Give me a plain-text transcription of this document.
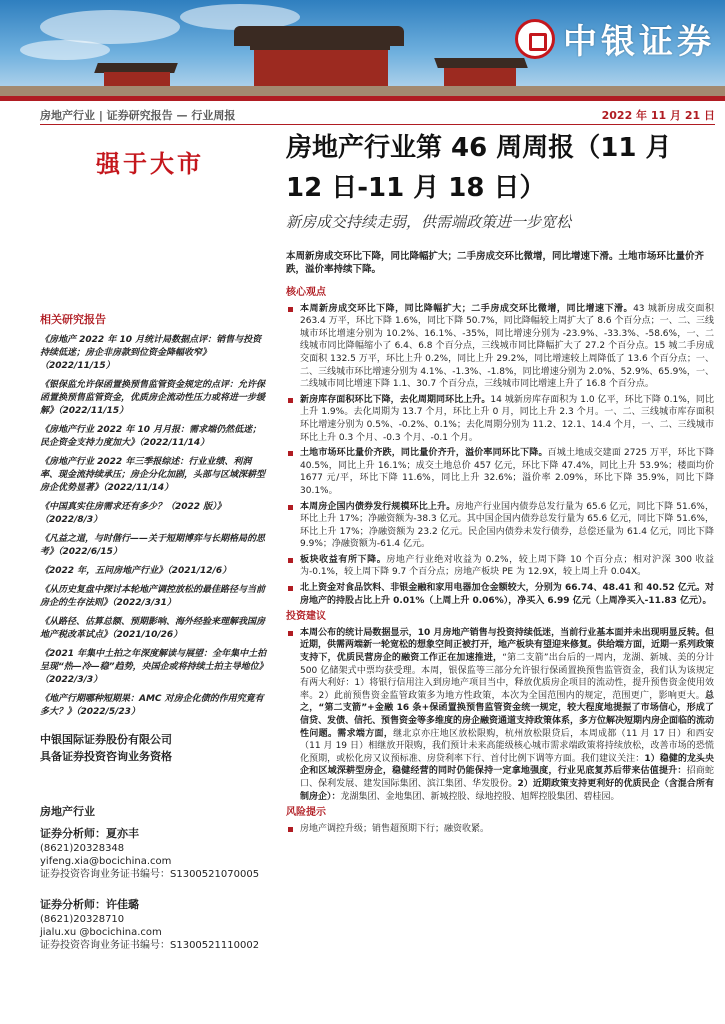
中银证券
房地产行业 | 证券研究报告 — 行业周报	2022 年 11 月 21 日
强于大市
房地产行业第 46 周周报（11 月 12 日-11 月 18 日）
新房成交持续走弱，供需端政策进一步宽松
相关研究报告
《房地产 2022 年 10 月统计局数据点评：销售与投资持续低迷；房企非房款到位资金降幅收窄》（2022/11/15）
《银保监允许保函置换预售监管资金规定的点评：允许保函置换预售监管资金，优质房企流动性压力或将进一步缓解》（2022/11/15）
《房地产行业 2022 年 10 月月报：需求端仍然低迷；民企资金支持力度加大》（2022/11/14）
《房地产行业 2022 年三季报综述：行业业绩、利润率、现金流持续承压；房企分化加剧，头部与区域深耕型房企优势显著》（2022/11/14）
《中国真实住房需求还有多少？（2022 版）》（2022/8/3）
《凡益之道，与时偕行——关于短期博弈与长期格局的思考》（2022/6/15）
《2022 年，五问房地产行业》（2021/12/6）
《从历史复盘中探讨本轮地产调控放松的最佳路径与当前房企的生存法则》（2022/3/31）
《从路径、估算总额、预期影响、海外经验来理解我国房地产税改革试点》（2021/10/26）
《2021 年集中土拍之年深度解读与展望：全年集中土拍呈现“热—冷—稳”趋势，央国企或将持续土拍主导地位》（2022/3/3）
《地产行期哪种短期果：AMC 对房企化债的作用究竟有多大？》（2022/5/23）
中银国际证券股份有限公司
具备证券投资咨询业务资格
房地产行业
证券分析师：夏亦丰
(8621)20328348
yifeng.xia@bocichina.com
证券投资咨询业务证书编号：S1300521070005
证券分析师：许佳璐
(8621)20328710
jialu.xu @bocichina.com
证券投资咨询业务证书编号：S1300521110002
本周新房成交环比下降，同比降幅扩大；二手房成交环比微增，同比增速下滑。土地市场环比量价齐跌，溢价率持续下降。
核心观点
本周新房成交环比下降，同比降幅扩大；二手房成交环比微增，同比增速下滑。43 城新房成交面积 263.4 万平，环比下降 1.6%，同比下降 50.7%，同比降幅较上周扩大了 8.6 个百分点；一、二、三线城市环比增速分别为 10.2%、16.1%、-35%，同比增速分别为 -23.9%、-33.3%、-58.6%，一、二线城市同比降幅缩小了 6.4、6.8 个百分点，三线城市同比降幅扩大了 27.2 个百分点。15 城二手房成交面积 132.5 万平，环比上升 0.2%，同比上升 29.2%，同比增速较上周降低了 13.6 个百分点；一、二、三线城市环比增速分别为 4.1%、-1.3%、-1.8%，同比增速分别为 2.0%、52.9%、65.9%，一、二线城市同比增速下降 1.1、30.7 个百分点，三线城市同比增速上升了 16.8 个百分点。
新房库存面积环比下降，去化周期同环比上升。14 城新房库存面积为 1.0 亿平，环比下降 0.1%，同比上升 1.9%。去化周期为 13.7 个月，环比上升 0 月，同比上升 2.3 个月。一、二、三线城市库存面积环比增速分别为 0.5%、-0.2%、0.1%；去化周期分别为 11.2、12.1、14.4 个月，一、二、三线城市环比上升 0.3 个月、-0.3 个月、-0.1 个月。
土地市场环比量价齐跌，同比量价齐升，溢价率同环比下降。百城土地成交建面 2725 万平，环比下降 40.5%，同比上升 16.1%；成交土地总价 457 亿元，环比下降 47.4%，同比上升 53.9%；楼面均价 1677 元/平，环比下降 11.6%，同比上升 32.6%；溢价率 2.09%，环比下降 35.9%，同比下降 30.1%。
本周房企国内债券发行规模环比上升。房地产行业国内债券总发行量为 65.6 亿元，同比下降 51.6%，环比上升 17%；净融资额为-38.3 亿元。其中国企国内债券总发行量为 65.6 亿元，同比下降 51.6%，环比上升 17%；净融资额为 23.2 亿元。民企国内债券未发行债券，总偿还量为 61.4 亿元，同比下降 9.9%；净融资额为-61.4 亿元。
板块收益有所下降。房地产行业绝对收益为 0.2%，较上周下降 10 个百分点；相对沪深 300 收益为-0.1%，较上周下降 9.7 个百分点；房地产板块 PE 为 12.9X，较上周上升 0.04X。
北上资金对食品饮料、非银金融和家用电器加仓金额较大，分别为 66.74、48.41 和 40.52 亿元。对房地产的持股占比上升 0.01%（上周上升 0.06%），净买入 6.99 亿元（上周净买入-11.83 亿元）。
投资建议
本周公布的统计局数据显示，10 月房地产销售与投资持续低迷，当前行业基本面并未出现明显反转。但近期，供需两端新一轮宽松的想象空间正被打开，地产板块有望迎来修复。供给端方面，近期一系列政策支持下，优质民营房企的融资工作正在加速推进，“第二支箭”出台后的一周内，龙湖、新城、美的分计 500 亿储架式中票均获受理。本周，银保监等三部分允许银行保函置换预售监管资金，我们认为该规定有两大利好：1）将银行信用注入到房地产项目当中，释放优质房企项目的流动性，提升预售资金使用效率。2）此前预售资金监管政策多为地方性政策，本次为全国范围内的规定，范围更广，影响更大。总之，“第二支箭”+金融 16 条+保函置换预售监管资金统一规定，较大程度地提振了市场信心，形成了信贷、发债、信托、预售资金等多维度的房企融资通道支持政策体系，多方位解决短期内房企面临的流动性问题。需求端方面，继北京亦庄地区放松限购，杭州放松限贷后，本周成都（11 月 17 日）和西安（11 月 19 日）相继放开限购，我们预计未来高能级核心城市需求端政策将持续放松，改善市场的恐慌化预期，或松化房又议预标准、房贷利率下行、首付比例下调等方面。我们建议关注：1）稳健的龙头央企和区域深耕型房企，稳健经营的同时仍能保持一定拿地强度，行业见底复苏后带来估值提升：招商蛇口、保利发展、建发国际集团、滨江集团、华发股份。2）近期政策支持更利好的优质民企（含混合所有制房企）：龙湖集团、金地集团、新城控股、绿地控股、旭辉控股集团、碧桂园。
风险提示
房地产调控升级；销售超预期下行；融资收紧。
